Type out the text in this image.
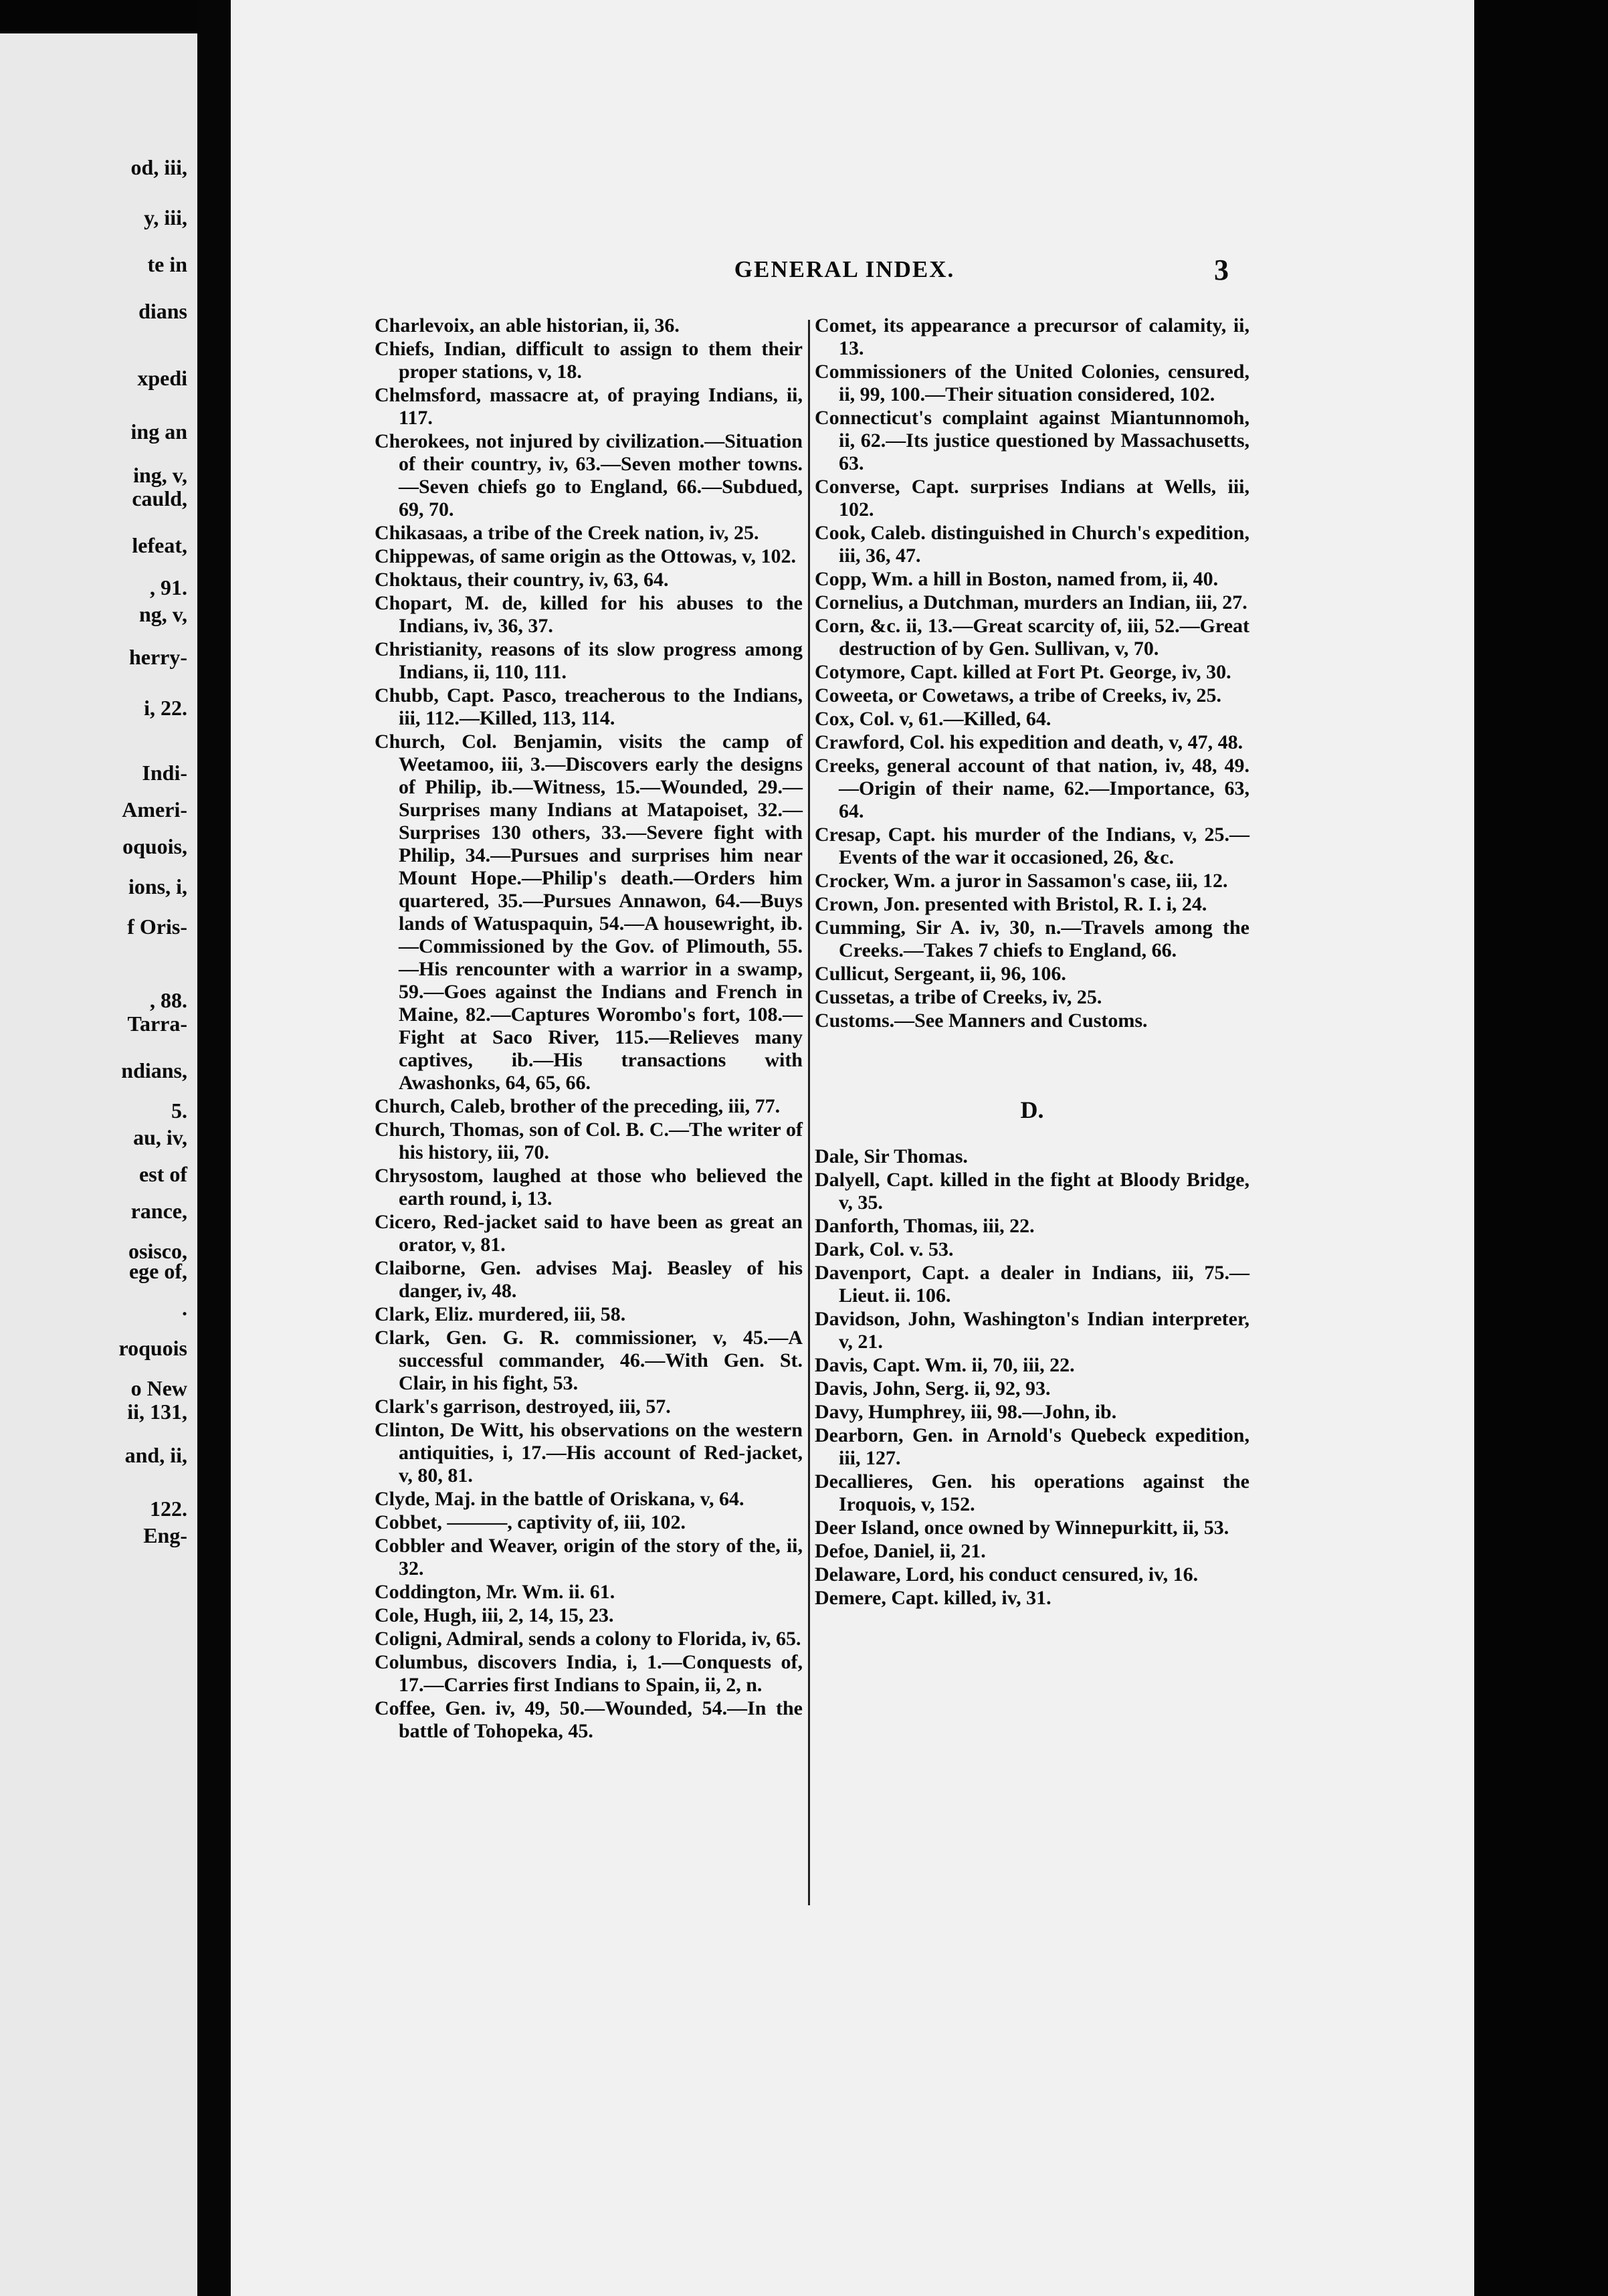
od, iii,
y, iii,
te in
dians
xpedi
ing an
ing, v,
cauld,
lefeat,
, 91.
ng, v,
herry-
i, 22.
Indi-
Ameri-
oquois,
ions, i,
f Oris-
, 88.
Tarra-
ndians,
5.
au, iv,
est of
rance,
osisco,
ege of,
.
roquois
o New
ii, 131,
and, ii,
122.
Eng-
GENERAL INDEX.	3

Charlevoix, an able historian, ii, 36.

Chiefs, Indian, difficult to assign to them their proper stations, v, 18.

Chelmsford, massacre at, of praying Indians, ii, 117.

Cherokees, not injured by civilization.—Situation of their country, iv, 63.—Seven mother towns.—Seven chiefs go to England, 66.—Subdued, 69, 70.

Chikasaas, a tribe of the Creek nation, iv, 25.

Chippewas, of same origin as the Ottowas, v, 102.

Choktaus, their country, iv, 63, 64.

Chopart, M. de, killed for his abuses to the Indians, iv, 36, 37.

Christianity, reasons of its slow progress among Indians, ii, 110, 111.

Chubb, Capt. Pasco, treacherous to the Indians, iii, 112.—Killed, 113, 114.

Church, Col. Benjamin, visits the camp of Weetamoo, iii, 3.—Discovers early the designs of Philip, ib.—Witness, 15.—Wounded, 29.—Surprises many Indians at Matapoiset, 32.—Surprises 130 others, 33.—Severe fight with Philip, 34.—Pursues and surprises him near Mount Hope.—Philip's death.—Orders him quartered, 35.—Pursues Annawon, 64.—Buys lands of Watuspaquin, 54.—A housewright, ib.—Commissioned by the Gov. of Plimouth, 55.—His rencounter with a warrior in a swamp, 59.—Goes against the Indians and French in Maine, 82.—Captures Worombo's fort, 108.—Fight at Saco River, 115.—Relieves many captives, ib.—His transactions with Awashonks, 64, 65, 66.

Church, Caleb, brother of the preceding, iii, 77.

Church, Thomas, son of Col. B. C.—The writer of his history, iii, 70.

Chrysostom, laughed at those who believed the earth round, i, 13.

Cicero, Red-jacket said to have been as great an orator, v, 81.

Claiborne, Gen. advises Maj. Beasley of his danger, iv, 48.

Clark, Eliz. murdered, iii, 58.

Clark, Gen. G. R. commissioner, v, 45.—A successful commander, 46.—With Gen. St. Clair, in his fight, 53.

Clark's garrison, destroyed, iii, 57.

Clinton, De Witt, his observations on the western antiquities, i, 17.—His account of Red-jacket, v, 80, 81.

Clyde, Maj. in the battle of Oriskana, v, 64.

Cobbet, ———, captivity of, iii, 102.

Cobbler and Weaver, origin of the story of the, ii, 32.

Coddington, Mr. Wm. ii. 61.

Cole, Hugh, iii, 2, 14, 15, 23.

Coligni, Admiral, sends a colony to Florida, iv, 65.

Columbus, discovers India, i, 1.—Conquests of, 17.—Carries first Indians to Spain, ii, 2, n.

Coffee, Gen. iv, 49, 50.—Wounded, 54.—In the battle of Tohopeka, 45.

Comet, its appearance a precursor of calamity, ii, 13.

Commissioners of the United Colonies, censured, ii, 99, 100.—Their situation considered, 102.

Connecticut's complaint against Miantunnomoh, ii, 62.—Its justice questioned by Massachusetts, 63.

Converse, Capt. surprises Indians at Wells, iii, 102.

Cook, Caleb. distinguished in Church's expedition, iii, 36, 47.

Copp, Wm. a hill in Boston, named from, ii, 40.

Cornelius, a Dutchman, murders an Indian, iii, 27.

Corn, &c. ii, 13.—Great scarcity of, iii, 52.—Great destruction of by Gen. Sullivan, v, 70.

Cotymore, Capt. killed at Fort Pt. George, iv, 30.

Coweeta, or Cowetaws, a tribe of Creeks, iv, 25.

Cox, Col. v, 61.—Killed, 64.

Crawford, Col. his expedition and death, v, 47, 48.

Creeks, general account of that nation, iv, 48, 49.—Origin of their name, 62.—Importance, 63, 64.

Cresap, Capt. his murder of the Indians, v, 25.—Events of the war it occasioned, 26, &c.

Crocker, Wm. a juror in Sassamon's case, iii, 12.

Crown, Jon. presented with Bristol, R. I. i, 24.

Cumming, Sir A. iv, 30, n.—Travels among the Creeks.—Takes 7 chiefs to England, 66.

Cullicut, Sergeant, ii, 96, 106.

Cussetas, a tribe of Creeks, iv, 25.

Customs.—See Manners and Customs.

D.

Dale, Sir Thomas.

Dalyell, Capt. killed in the fight at Bloody Bridge, v, 35.

Danforth, Thomas, iii, 22.

Dark, Col. v. 53.

Davenport, Capt. a dealer in Indians, iii, 75.—Lieut. ii. 106.

Davidson, John, Washington's Indian interpreter, v, 21.

Davis, Capt. Wm. ii, 70, iii, 22.

Davis, John, Serg. ii, 92, 93.

Davy, Humphrey, iii, 98.—John, ib.

Dearborn, Gen. in Arnold's Quebeck expedition, iii, 127.

Decallieres, Gen. his operations against the Iroquois, v, 152.

Deer Island, once owned by Winnepurkitt, ii, 53.

Defoe, Daniel, ii, 21.

Delaware, Lord, his conduct censured, iv, 16.

Demere, Capt. killed, iv, 31.
